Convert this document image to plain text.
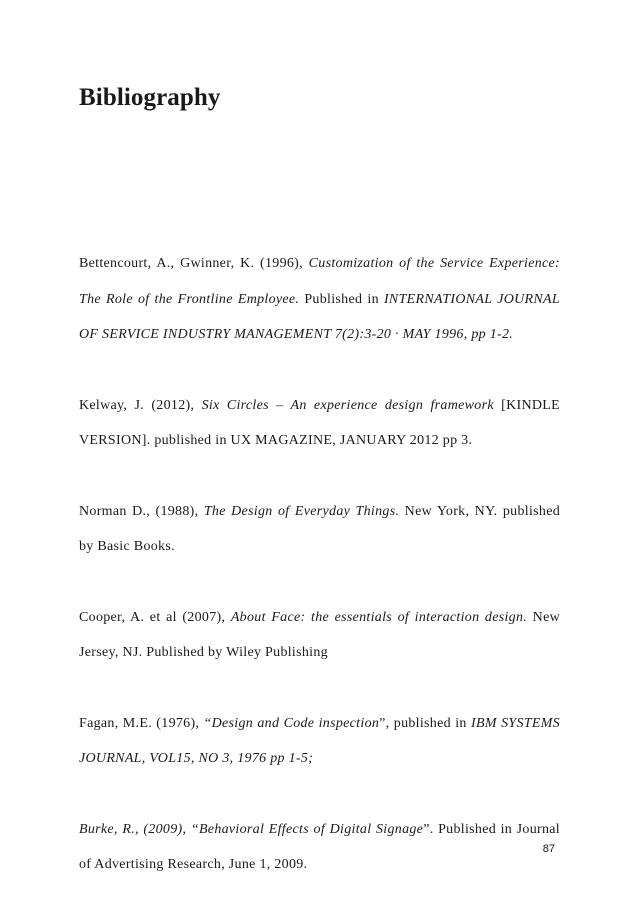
Bibliography

Bettencourt, A., Gwinner, K. (1996), Customization of the Service Experience: The Role of the Frontline Employee. Published in INTERNATIONAL JOURNAL OF SERVICE INDUSTRY MANAGEMENT 7(2):3-20 · MAY 1996, pp 1-2.

Kelway, J. (2012), Six Circles – An experience design framework [KINDLE VERSION]. published in UX MAGAZINE, JANUARY 2012 pp 3.

Norman D., (1988), The Design of Everyday Things. New York, NY. published by Basic Books.

Cooper, A. et al (2007), About Face: the essentials of interaction design. New Jersey, NJ. Published by Wiley Publishing

Fagan, M.E. (1976), “Design and Code inspection”, published in IBM SYSTEMS JOURNAL, VOL15, NO 3, 1976 pp 1-5;

Burke, R., (2009), “Behavioral Effects of Digital Signage”. Published in Journal of Advertising Research, June 1, 2009.

87
